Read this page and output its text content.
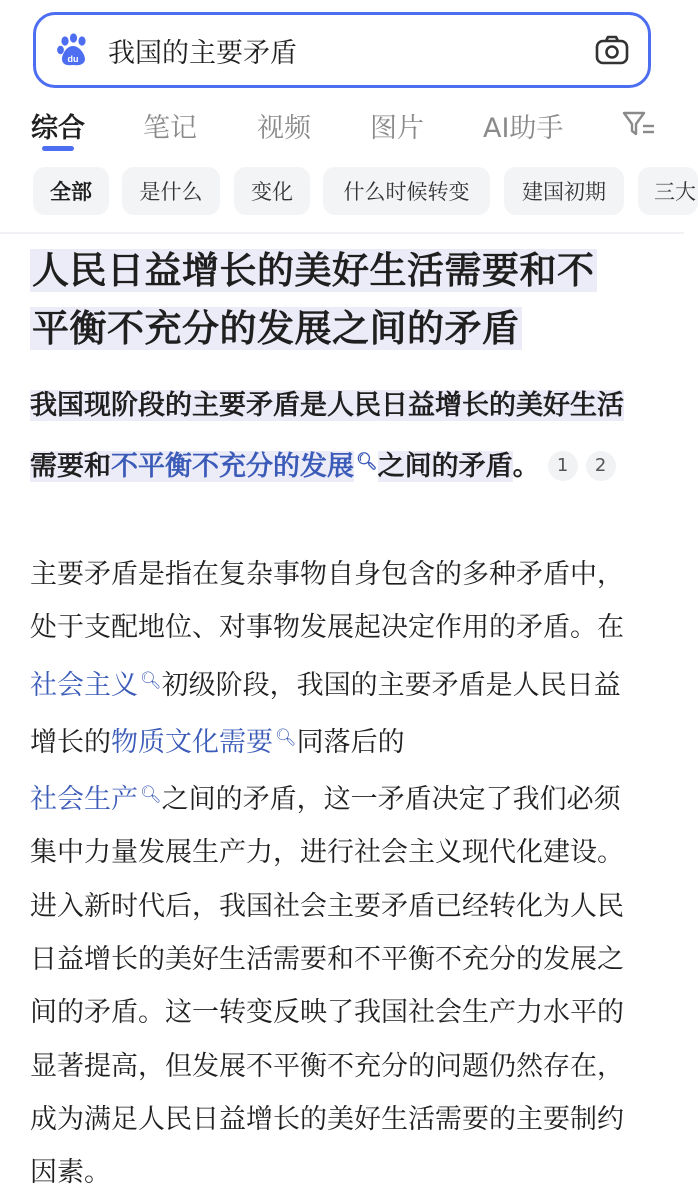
du 我国的主要矛盾
综合 笔记 视频 图片 AI助手
全部	是什么	变化	什么时候转变	建国初期	三大
人民日益增长的美好生活需要和不
平衡不充分的发展之间的矛盾
我国现阶段的主要矛盾是人民日益增长的美好生活需要和不平衡不充分的发展 🔍︎之间的矛盾。 1 2
主要矛盾是指在复杂事物自身包含的多种矛盾中，处于支配地位、对事物发展起决定作用的矛盾。在社会主义 🔍︎初级阶段，我国的主要矛盾是人民日益增长的物质文化需要 🔍︎同落后的
社会生产 🔍︎之间的矛盾，这一矛盾决定了我们必须集中力量发展生产力，进行社会主义现代化建设。进入新时代后，我国社会主要矛盾已经转化为人民日益增长的美好生活需要和不平衡不充分的发展之间的矛盾。这一转变反映了我国社会生产力水平的显著提高，但发展不平衡不充分的问题仍然存在，成为满足人民日益增长的美好生活需要的主要制约因素。
